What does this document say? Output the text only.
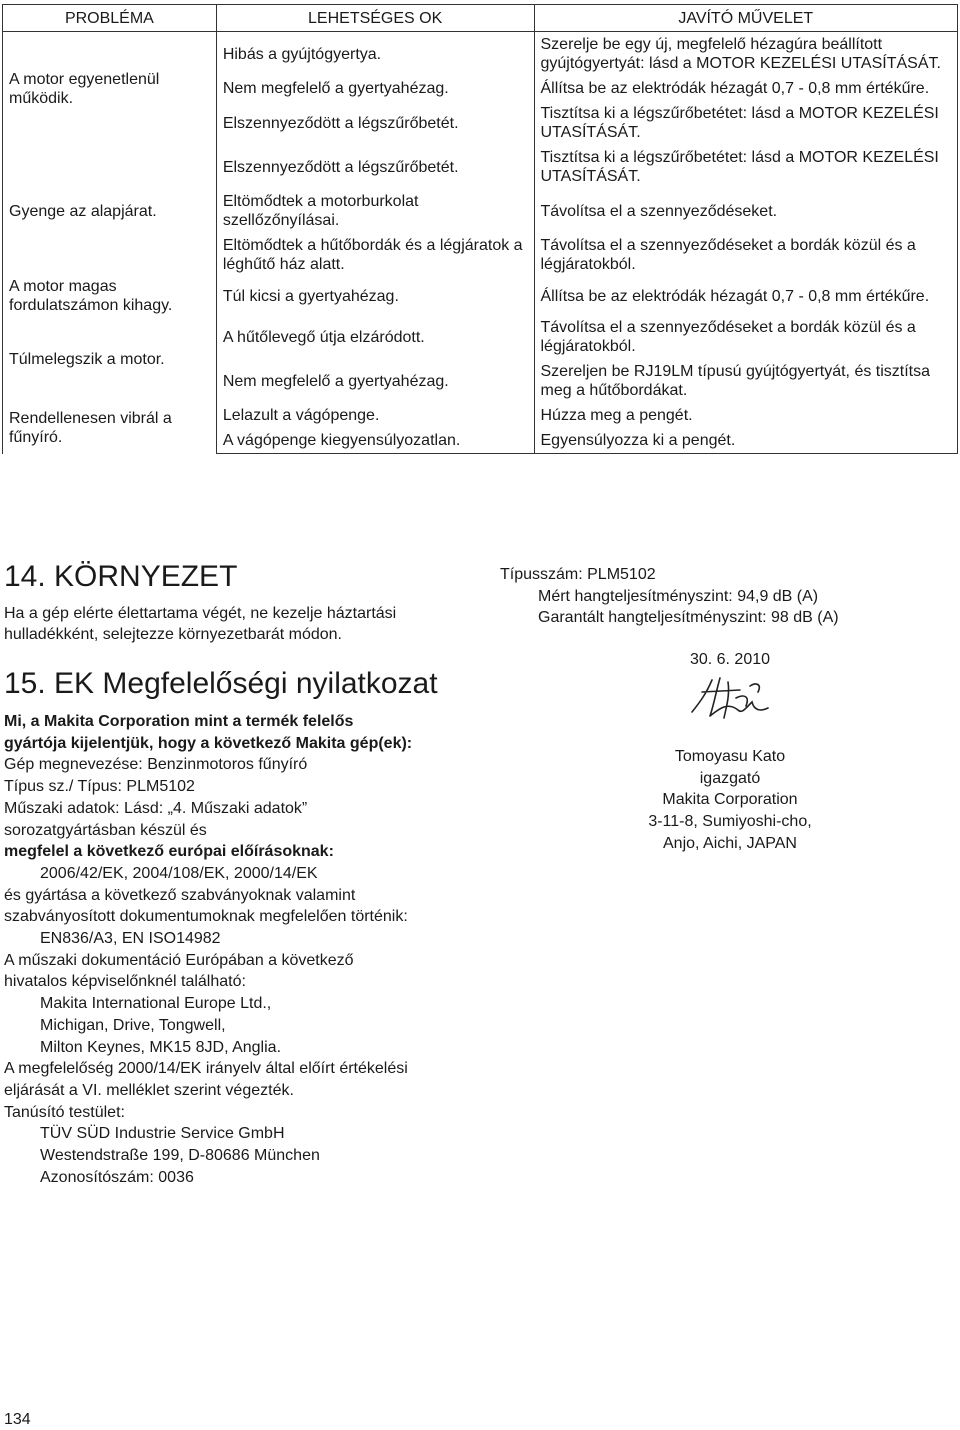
PROBLÉMA	LEHETSÉGES OK	JAVÍTÓ MŰVELET
A motor egyenetlenül működik.	Hibás a gyújtógyertya.	Szerelje be egy új, megfelelő hézagúra beállított gyújtógyertyát: lásd a MOTOR KEZELÉSI UTASÍTÁSÁT.
	Nem megfelelő a gyertyahézag.	Állítsa be az elektródák hézagát 0,7 - 0,8 mm értékűre.
	Elszennyeződött a légszűrőbetét.	Tisztítsa ki a légszűrőbetétet: lásd a MOTOR KEZELÉSI UTASÍTÁSÁT.
Gyenge az alapjárat.	Elszennyeződött a légszűrőbetét.	Tisztítsa ki a légszűrőbetétet: lásd a MOTOR KEZELÉSI UTASÍTÁSÁT.
	Eltömődtek a motorburkolat szellőzőnyílásai.	Távolítsa el a szennyeződéseket.
	Eltömődtek a hűtőbordák és a légjáratok a léghűtő ház alatt.	Távolítsa el a szennyeződéseket a bordák közül és a légjáratokból.
A motor magas fordulatszámon kihagy.	Túl kicsi a gyertyahézag.	Állítsa be az elektródák hézagát 0,7 - 0,8 mm értékűre.
Túlmelegszik a motor.	A hűtőlevegő útja elzáródott.	Távolítsa el a szennyeződéseket a bordák közül és a légjáratokból.
	Nem megfelelő a gyertyahézag.	Szereljen be RJ19LM típusú gyújtógyertyát, és tisztítsa meg a hűtőbordákat.
Rendellenesen vibrál a fűnyíró.	Lelazult a vágópenge.	Húzza meg a pengét.
	A vágópenge kiegyensúlyozatlan.	Egyensúlyozza ki a pengét.
14. KÖRNYEZET
Ha a gép elérte élettartama végét, ne kezelje háztartási hulladékként, selejtezze környezetbarát módon.
15. EK Megfelelőségi nyilatkozat
Mi, a Makita Corporation mint a termék felelős
gyártója kijelentjük, hogy a következő Makita gép(ek):
Gép megnevezése: Benzinmotoros fűnyíró
Típus sz./ Típus: PLM5102
Műszaki adatok: Lásd: „4. Műszaki adatok”
sorozatgyártásban készül és
megfelel a következő európai előírásoknak:
2006/42/EK, 2004/108/EK, 2000/14/EK
és gyártása a következő szabványoknak valamint
szabványosított dokumentumoknak megfelelően történik:
EN836/A3, EN ISO14982
A műszaki dokumentáció Európában a következő
hivatalos képviselőnknél található:
Makita International Europe Ltd.,
Michigan, Drive, Tongwell,
Milton Keynes, MK15 8JD, Anglia.
A megfelelőség 2000/14/EK irányelv által előírt értékelési
eljárását a VI. melléklet szerint végezték.
Tanúsító testület:
TÜV SÜD Industrie Service GmbH
Westendstraße 199, D-80686 München
Azonosítószám: 0036
Típusszám: PLM5102
Mért hangteljesítményszint: 94,9 dB (A)
Garantált hangteljesítményszint: 98 dB (A)
30. 6. 2010
Tomoyasu Kato
igazgató
Makita Corporation
3-11-8, Sumiyoshi-cho,
Anjo, Aichi, JAPAN
134
